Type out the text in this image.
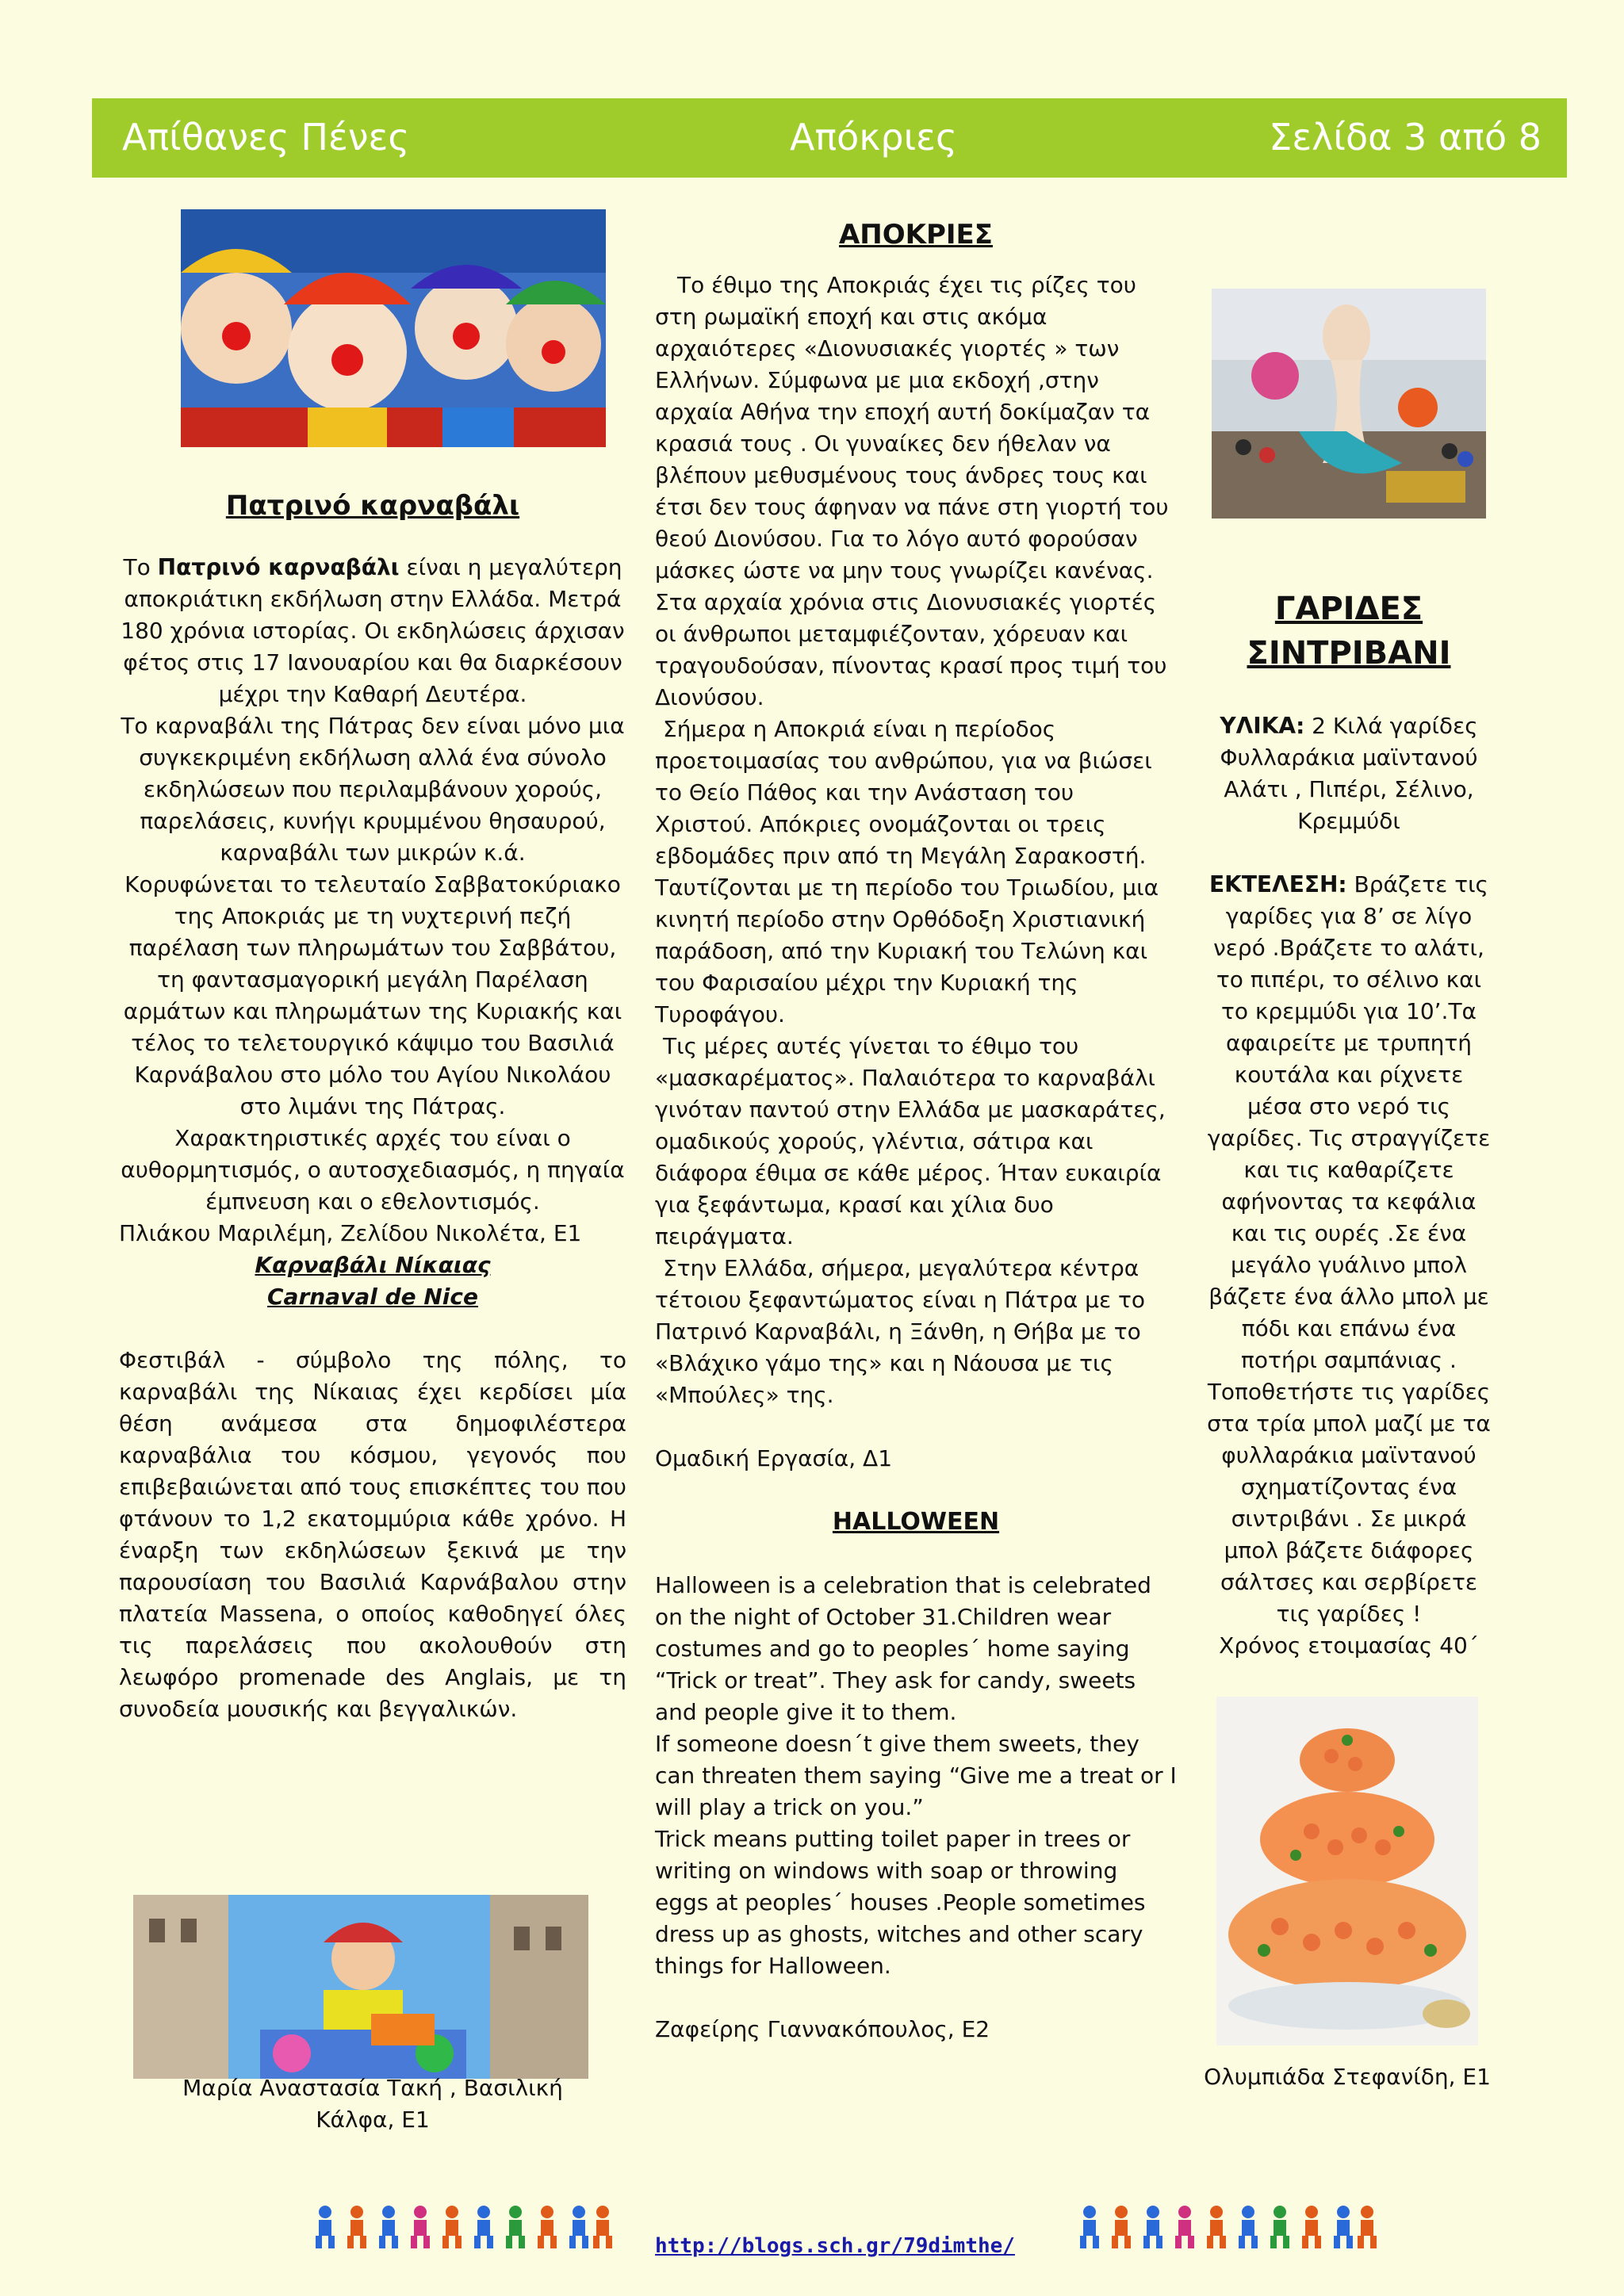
Απίθανες Πένες	Απόκριες	Σελίδα 3 από 8

Πατρινό καρναβάλι

Το Πατρινό καρναβάλι είναι η μεγαλύτερη αποκριάτικη εκδήλωση στην Ελλάδα. Μετρά 180 χρόνια ιστορίας. Οι εκδηλώσεις άρχισαν φέτος στις 17 Ιανουαρίου και θα διαρκέσουν μέχρι την Καθαρή Δευτέρα.

Το καρναβάλι της Πάτρας δεν είναι μόνο μια συγκεκριμένη εκδήλωση αλλά ένα σύνολο εκδηλώσεων που περιλαμβάνουν χορούς, παρελάσεις, κυνήγι κρυμμένου θησαυρού, καρναβάλι των μικρών κ.ά.

Κορυφώνεται το τελευταίο Σαββατοκύριακο της Αποκριάς με τη νυχτερινή πεζή παρέλαση των πληρωμάτων του Σαββάτου, τη φαντασμαγορική μεγάλη Παρέλαση αρμάτων και πληρωμάτων της Κυριακής και τέλος το τελετουργικό κάψιμο του Βασιλιά Καρνάβαλου στο μόλο του Αγίου Νικολάου στο λιμάνι της Πάτρας.

Χαρακτηριστικές αρχές του είναι ο αυθορμητισμός, ο αυτοσχεδιασμός, η πηγαία έμπνευση και ο εθελοντισμός.

Πλιάκου Μαριλέμη, Ζελίδου Νικολέτα, Ε1

Καρναβάλι Νίκαιας

Carnaval de Nice

Φεστιβάλ - σύμβολο της πόλης, το καρναβάλι της Νίκαιας έχει κερδίσει μία θέση ανάμεσα στα δημοφιλέστερα καρναβάλια του κόσμου, γεγονός που επιβεβαιώνεται από τους επισκέπτες του που φτάνουν το 1,2 εκατομμύρια κάθε χρόνο. Η έναρξη των εκδηλώσεων ξεκινά με την παρουσίαση του Βασιλιά Καρνάβαλου στην πλατεία Massena, ο οποίος καθοδηγεί όλες τις παρελάσεις που ακολουθούν στη λεωφόρο promenade des Anglais, με τη συνοδεία μουσικής και βεγγαλικών.

Μαρία Αναστασία Τακή , Βασιλική Κάλφα, Ε1

ΑΠΟΚΡΙΕΣ

Το έθιμο της Αποκριάς έχει τις ρίζες του στη ρωμαϊκή εποχή και στις ακόμα αρχαιότερες «Διονυσιακές γιορτές » των Ελλήνων. Σύμφωνα με μια εκδοχή ,στην αρχαία Αθήνα την εποχή αυτή δοκίμαζαν τα κρασιά τους . Οι γυναίκες δεν ήθελαν να βλέπουν μεθυσμένους τους άνδρες τους και έτσι δεν τους άφηναν να πάνε στη γιορτή του θεού Διονύσου. Για το λόγο αυτό φορούσαν μάσκες ώστε να μην τους γνωρίζει κανένας. Στα αρχαία χρόνια στις Διονυσιακές γιορτές οι άνθρωποι μεταμφιέζονταν, χόρευαν και τραγουδούσαν, πίνοντας κρασί προς τιμή του Διονύσου.

Σήμερα η Αποκριά είναι η περίοδος προετοιμασίας του ανθρώπου, για να βιώσει το Θείο Πάθος και την Ανάσταση του Χριστού. Απόκριες ονομάζονται οι τρεις εβδομάδες πριν από τη Μεγάλη Σαρακοστή. Ταυτίζονται με τη περίοδο του Τριωδίου, μια κινητή περίοδο στην Ορθόδοξη Χριστιανική παράδοση, από την Κυριακή του Τελώνη και του Φαρισαίου μέχρι την Κυριακή της Τυροφάγου.

Τις μέρες αυτές γίνεται το έθιμο του «μασκαρέματος». Παλαιότερα το καρναβάλι γινόταν παντού στην Ελλάδα με μασκαράτες, ομαδικούς χορούς, γλέντια, σάτιρα και διάφορα έθιμα σε κάθε μέρος. Ήταν ευκαιρία για ξεφάντωμα, κρασί και χίλια δυο πειράγματα.

Στην Ελλάδα, σήμερα, μεγαλύτερα κέντρα τέτοιου ξεφαντώματος είναι η Πάτρα με το Πατρινό Καρναβάλι, η Ξάνθη, η Θήβα με το «Βλάχικο γάμο της» και η Νάουσα με τις «Μπούλες» της.

Ομαδική Εργασία, Δ1

HALLOWEEN

Halloween is a celebration that is celebrated on the night of October 31.Children wear costumes and go to peoples´ home saying “Trick or treat”. They ask for candy, sweets and people give it to them.

If someone doesn´t give them sweets, they can threaten them saying “Give me a treat or I will play a trick on you.”

Trick means putting toilet paper in trees or writing on windows with soap or throwing eggs at peoples´ houses .People sometimes dress up as ghosts, witches and other scary things for Halloween.

Ζαφείρης Γιαννακόπουλος, Ε2

ΓΑΡΙΔΕΣ

ΣΙΝΤΡΙΒΑΝΙ

ΥΛΙΚΑ: 2 Κιλά γαρίδες Φυλλαράκια μαϊντανού Αλάτι , Πιπέρι, Σέλινο, Κρεμμύδι

ΕΚΤΕΛΕΣΗ: Βράζετε τις γαρίδες για 8’ σε λίγο νερό .Βράζετε το αλάτι, το πιπέρι, το σέλινο και το κρεμμύδι για 10’.Τα αφαιρείτε με τρυπητή κουτάλα και ρίχνετε μέσα στο νερό τις γαρίδες. Τις στραγγίζετε και τις καθαρίζετε αφήνοντας τα κεφάλια και τις ουρές .Σε ένα μεγάλο γυάλινο μπολ βάζετε ένα άλλο μπολ με πόδι και επάνω ένα ποτήρι σαμπάνιας . Τοποθετήστε τις γαρίδες στα τρία μπολ μαζί με τα φυλλαράκια μαϊντανού σχηματίζοντας ένα σιντριβάνι . Σε μικρά μπολ βάζετε διάφορες σάλτσες και σερβίρετε τις γαρίδες !

Χρόνος ετοιμασίας 40΄

Ολυμπιάδα Στεφανίδη, Ε1
http://blogs.sch.gr/79dimthe/
